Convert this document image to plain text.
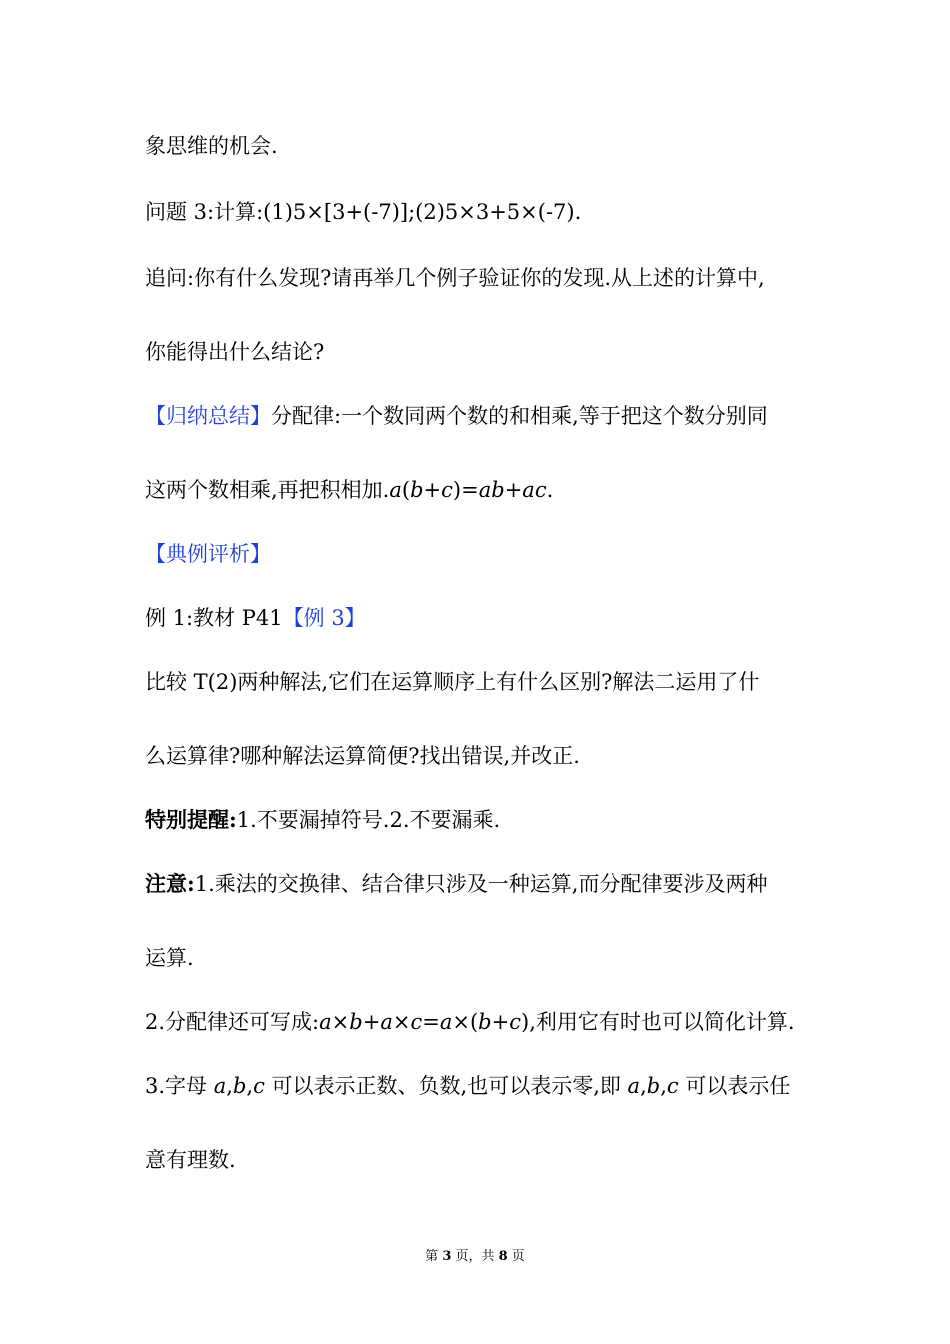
象思维的机会.
问题 3:计算:(1)5×[3+(-7)];(2)5×3+5×(-7).
追问:你有什么发现?请再举几个例子验证你的发现.从上述的计算中,
你能得出什么结论?
【归纳总结】分配律:一个数同两个数的和相乘,等于把这个数分别同
这两个数相乘,再把积相加.a(b+c)=ab+ac.
【典例评析】
例 1:教材 P41【例 3】
比较 T(2)两种解法,它们在运算顺序上有什么区别?解法二运用了什
么运算律?哪种解法运算简便?找出错误,并改正.
特别提醒:1.不要漏掉符号.2.不要漏乘.
注意:1.乘法的交换律、结合律只涉及一种运算,而分配律要涉及两种
运算.
2.分配律还可写成:a×b+a×c=a×(b+c),利用它有时也可以简化计算.
3.字母 a,b,c 可以表示正数、负数,也可以表示零,即 a,b,c 可以表示任
意有理数.
第 3 页，共 8 页
